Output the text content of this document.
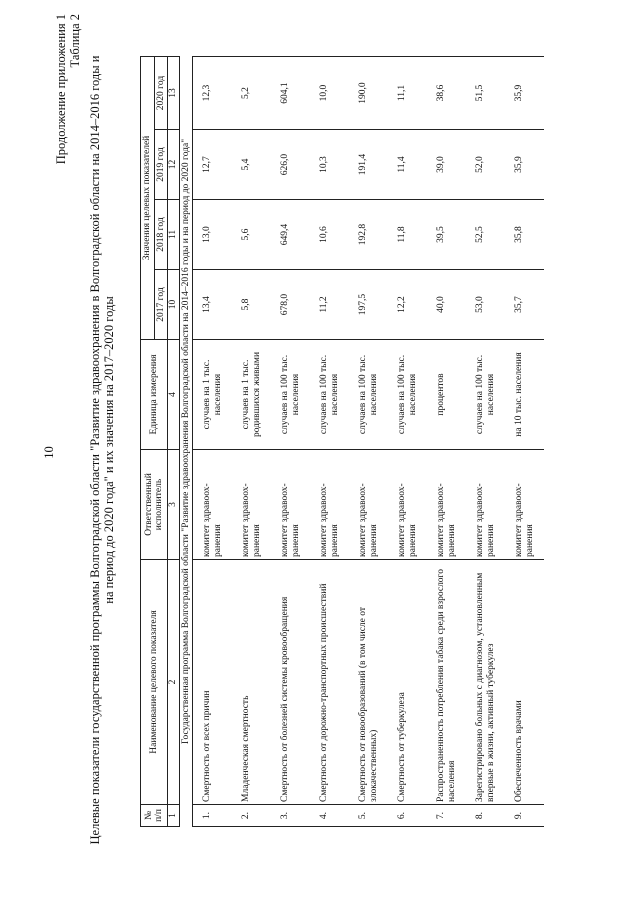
10
Продолжение приложения 1 Таблица 2
Целевые показатели государственной программы Волгоградской области "Развитие здравоохранения в Волгоградской области на 2014–2016 годы и на период до 2020 года" и их значения на 2017–2020 годы
№ п/п	Наименование целевого показателя	Ответственный исполнитель	Единица измерения	Значения целевых показателей			
				2017 год	2018 год	2019 год	2020 год
1	2	3	4	10	11	12	13
Государственная программа Волгоградской области "Развитие здравоохранения Волгоградской области на 2014–2016 годы и на период до 2020 года"							
1.	Смертность от всех причин	комитет здравоох-ранения	случаев на 1 тыс. населения	13,4	13,0	12,7	12,3
2.	Младенческая смертность	комитет здравоох-ранения	случаев на 1 тыс. родившихся живыми	5,8	5,6	5,4	5,2
3.	Смертность от болезней системы кровообращения	комитет здравоох-ранения	случаев на 100 тыс. населения	678,0	649,4	626,0	604,1
4.	Смертность от дорожно-транспортных происшествий	комитет здравоох-ранения	случаев на 100 тыс. населения	11,2	10,6	10,3	10,0
5.	Смертность от новообразований (в том числе от злокачественных)	комитет здравоох-ранения	случаев на 100 тыс. населения	197,5	192,8	191,4	190,0
6.	Смертность от туберкулеза	комитет здравоох-ранения	случаев на 100 тыс. населения	12,2	11,8	11,4	11,1
7.	Распространенность потребления табака среди взрослого населения	комитет здравоох-ранения	процентов	40,0	39,5	39,0	38,6
8.	Зарегистрировано больных с диагнозом, установленным впервые в жизни, активный туберкулез	комитет здравоох-ранения	случаев на 100 тыс. населения	53,0	52,5	52,0	51,5
9.	Обеспеченность врачами	комитет здравоох-ранения	на 10 тыс. населения	35,7	35,8	35,9	35,9
